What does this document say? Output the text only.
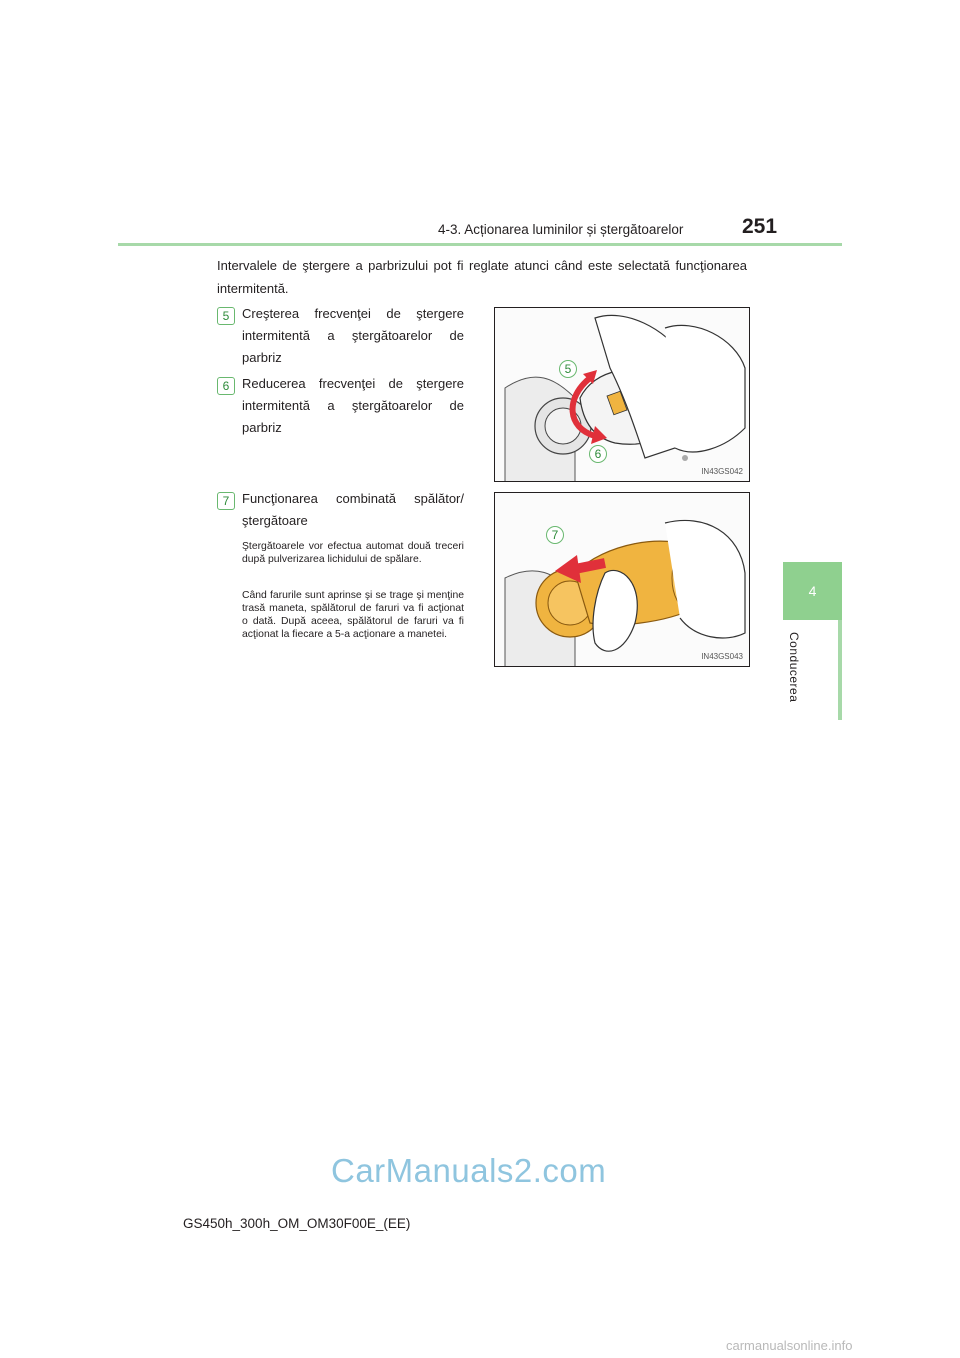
4-3. Acționarea luminilor și ștergătoarelor	251
4
Conducerea
Intervalele de ştergere a parbrizului pot fi reglate atunci când este selectată funcţionarea intermitentă.
5 Creşterea frecvenţei de ştergere intermitentă a ştergătoarelor de parbriz
6 Reducerea frecvenţei de ştergere intermitentă a ştergătoarelor de parbriz
7 Funcţionarea combinată spălător/ ştergătoare
Ştergătoarele vor efectua automat două treceri după pulverizarea lichidului de spălare.
Când farurile sunt aprinse şi se trage şi menţine trasă maneta, spălătorul de faruri va fi acţionat o dată. După aceea, spălătorul de faruri va fi acţionat la fiecare a 5-a acţionare a manetei.
5
6
IN43GS042
7
IN43GS043
GS450h_300h_OM_OM30F00E_(EE)
CarManuals2.com
carmanualsonline.info
